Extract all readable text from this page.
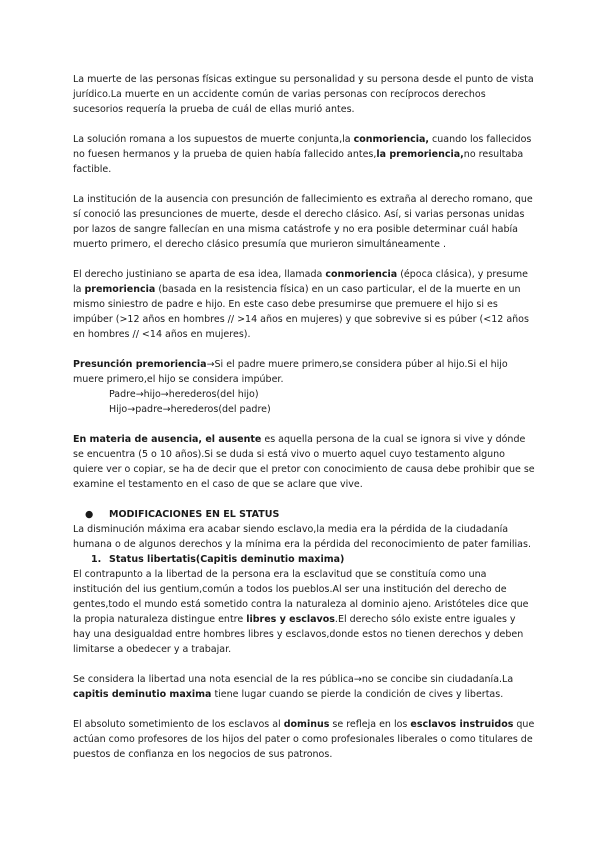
La muerte de las personas físicas extingue su personalidad y su persona desde el punto de vista jurídico.La muerte en un accidente común de varias personas con recíprocos derechos sucesorios requería la prueba de cuál de ellas murió antes.

La solución romana a los supuestos de muerte conjunta,la conmoriencia, cuando los fallecidos no fuesen hermanos y la prueba de quien había fallecido antes,la premoriencia,no resultaba factible.

La institución de la ausencia con presunción de fallecimiento es extraña al derecho romano, que sí conoció las presunciones de muerte, desde el derecho clásico. Así, si varias personas unidas por lazos de sangre fallecían en una misma catástrofe y no era posible determinar cuál había muerto primero, el derecho clásico presumía que murieron simultáneamente .

El derecho justiniano se aparta de esa idea, llamada conmoriencia (época clásica), y presume la premoriencia (basada en la resistencia física) en un caso particular, el de la muerte en un mismo siniestro de padre e hijo. En este caso debe presumirse que premuere el hijo si es impúber (>12 años en hombres // >14 años en mujeres) y que sobrevive si es púber (<12 años en hombres // <14 años en mujeres).

Presunción premoriencia→Si el padre muere primero,se considera púber al hijo.Si el hijo muere primero,el hijo se considera impúber.

Padre→hijo→herederos(del hijo)

Hijo→padre→herederos(del padre)

En materia de ausencia, el ausente es aquella persona de la cual se ignora si vive y dónde se encuentra (5 o 10 años).Si se duda si está vivo o muerto aquel cuyo testamento alguno quiere ver o copiar, se ha de decir que el pretor con conocimiento de causa debe prohibir que se examine el testamento en el caso de que se aclare que vive.

● MODIFICACIONES EN EL STATUS

La disminución máxima era acabar siendo esclavo,la media era la pérdida de la ciudadanía humana o de algunos derechos y la mínima era la pérdida del reconocimiento de pater familias.

1. Status libertatis(Capitis deminutio maxima)

El contrapunto a la libertad de la persona era la esclavitud que se constituía como una institución del ius gentium,común a todos los pueblos.Al ser una institución del derecho de gentes,todo el mundo está sometido contra la naturaleza al dominio ajeno. Aristóteles dice que la propia naturaleza distingue entre libres y esclavos.El derecho sólo existe entre iguales y hay una desigualdad entre hombres libres y esclavos,donde estos no tienen derechos y deben limitarse a obedecer y a trabajar.

Se considera la libertad una nota esencial de la res pública→no se concibe sin ciudadanía.La capitis deminutio maxima tiene lugar cuando se pierde la condición de cives y libertas.

El absoluto sometimiento de los esclavos al dominus se refleja en los esclavos instruidos que actúan como profesores de los hijos del pater o como profesionales liberales o como titulares de puestos de confianza en los negocios de sus patronos.
